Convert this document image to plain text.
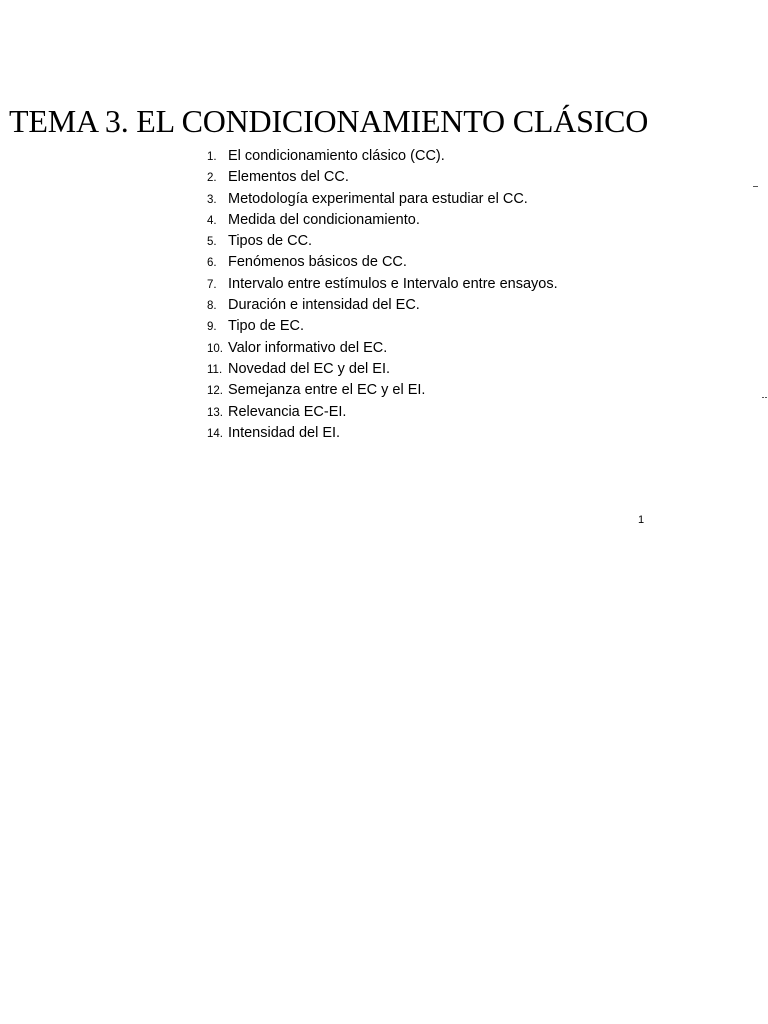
TEMA 3. EL CONDICIONAMIENTO CLÁSICO
1. El condicionamiento clásico (CC).
2. Elementos del CC.
3. Metodología experimental para estudiar el CC.
4. Medida del condicionamiento.
5. Tipos de CC.
6. Fenómenos básicos de CC.
7. Intervalo entre estímulos e Intervalo entre ensayos.
8. Duración e intensidad del EC.
9. Tipo de EC.
10. Valor informativo del EC.
11. Novedad del EC y del EI.
12. Semejanza entre el EC y el EI.
13. Relevancia EC-EI.
14. Intensidad del EI.
1
